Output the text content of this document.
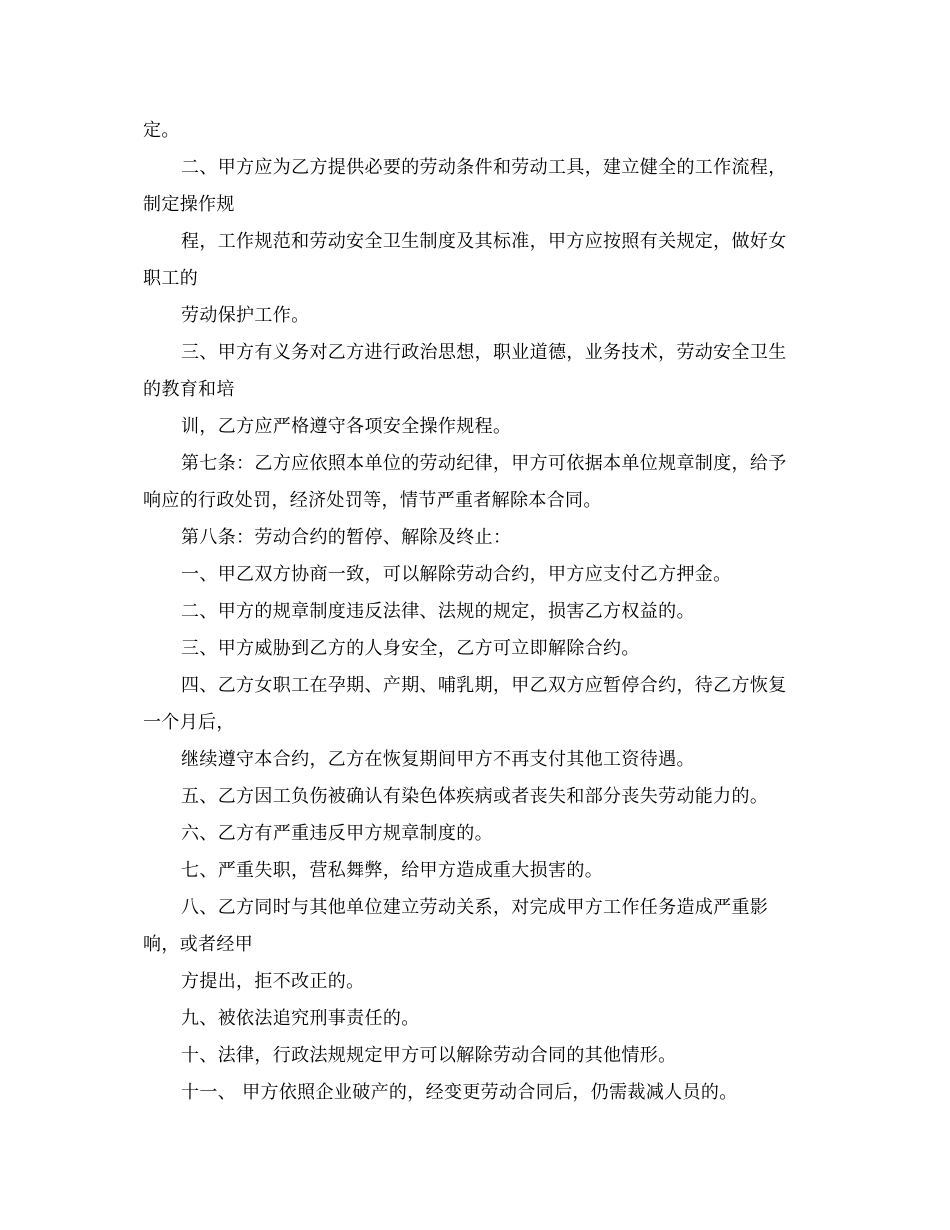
定。
二、甲方应为乙方提供必要的劳动条件和劳动工具，建立健全的工作流程，
制定操作规
程，工作规范和劳动安全卫生制度及其标准，甲方应按照有关规定，做好女
职工的
劳动保护工作。
三、甲方有义务对乙方进行政治思想，职业道德，业务技术，劳动安全卫生
的教育和培
训，乙方应严格遵守各项安全操作规程。
第七条：乙方应依照本单位的劳动纪律，甲方可依据本单位规章制度，给予
响应的行政处罚，经济处罚等，情节严重者解除本合同。
第八条：劳动合约的暂停、解除及终止：
一、甲乙双方协商一致，可以解除劳动合约，甲方应支付乙方押金。
二、甲方的规章制度违反法律、法规的规定，损害乙方权益的。
三、甲方威胁到乙方的人身安全，乙方可立即解除合约。
四、乙方女职工在孕期、产期、哺乳期，甲乙双方应暂停合约，待乙方恢复
一个月后，
继续遵守本合约，乙方在恢复期间甲方不再支付其他工资待遇。
五、乙方因工负伤被确认有染色体疾病或者丧失和部分丧失劳动能力的。
六、乙方有严重违反甲方规章制度的。
七、严重失职，营私舞弊，给甲方造成重大损害的。
八、乙方同时与其他单位建立劳动关系，对完成甲方工作任务造成严重影
响，或者经甲
方提出，拒不改正的。
九、被依法追究刑事责任的。
十、法律，行政法规规定甲方可以解除劳动合同的其他情形。
十一、 甲方依照企业破产的，经变更劳动合同后，仍需裁减人员的。
